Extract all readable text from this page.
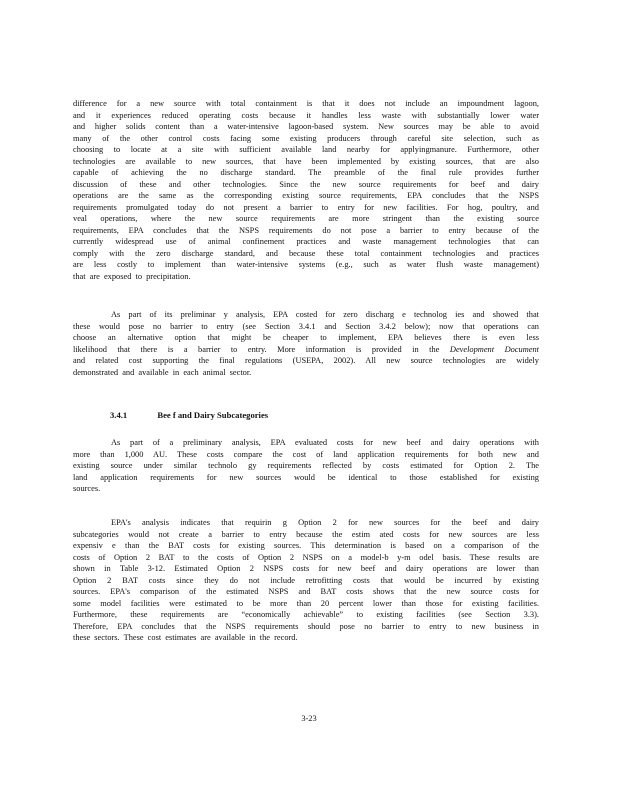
difference for a new source with total containment is that it does not include an impoundment lagoon,
and it experiences reduced operating costs because it handles less waste with substantially lower water
and higher solids content than a water-intensive lagoon-based system. New sources may be able to avoid
many of the other control costs facing some existing producers through careful site selection, such as
choosing to locate at a site with sufficient available land nearby for applyingmanure. Furthermore, other
technologies are available to new sources, that have been implemented by existing sources, that are also
capable of achieving the no discharge standard. The preamble of the final rule provides further
discussion of these and other technologies. Since the new source requirements for beef and dairy
operations are the same as the corresponding existing source requirements, EPA concludes that the NSPS
requirements promulgated today do not present a barrier to entry for new facilities. For hog, poultry, and
veal operations, where the new source requirements are more stringent than the existing source
requirements, EPA concludes that the NSPS requirements do not pose a barrier to entry because of the
currently widespread use of animal confinement practices and waste management technologies that can
comply with the zero discharge standard, and because these total containment technologies and practices
are less costly to implement than water-intensive systems (e.g., such as water flush waste management)
that are exposed to precipitation.
As part of its preliminar y analysis, EPA costed for zero discharg e technolog ies and showed that
these would pose no barrier to entry (see Section 3.4.1 and Section 3.4.2 below); now that operations can
choose an alternative option that might be cheaper to implement, EPA believes there is even less
likelihood that there is a barrier to entry. More information is provided in the Development Document
and related cost supporting the final regulations (USEPA, 2002). All new source technologies are widely
demonstrated and available in each animal sector.
3.4.1	Bee f and Dairy Subcategories
As part of a preliminary analysis, EPA evaluated costs for new beef and dairy operations with
more than 1,000 AU. These costs compare the cost of land application requirements for both new and
existing source under similar technolo gy requirements reflected by costs estimated for Option 2. The
land application requirements for new sources would be identical to those established for existing
sources.
EPA's analysis indicates that requirin g Option 2 for new sources for the beef and dairy
subcategories would not create a barrier to entry because the estim ated costs for new sources are less
expensiv e than the BAT costs for existing sources. This determination is based on a comparison of the
costs of Option 2 BAT to the costs of Option 2 NSPS on a model-b y-m odel basis. These results are
shown in Table 3-12. Estimated Option 2 NSPS costs for new beef and dairy operations are lower than
Option 2 BAT costs since they do not include retrofitting costs that would be incurred by existing
sources. EPA's comparison of the estimated NSPS and BAT costs shows that the new source costs for
some model facilities were estimated to be more than 20 percent lower than those for existing facilities.
Furthermore, these requirements are “economically achievable” to existing facilities (see Section 3.3).
Therefore, EPA concludes that the NSPS requirements should pose no barrier to entry to new business in
these sectors. These cost estimates are available in the record.
3-23
